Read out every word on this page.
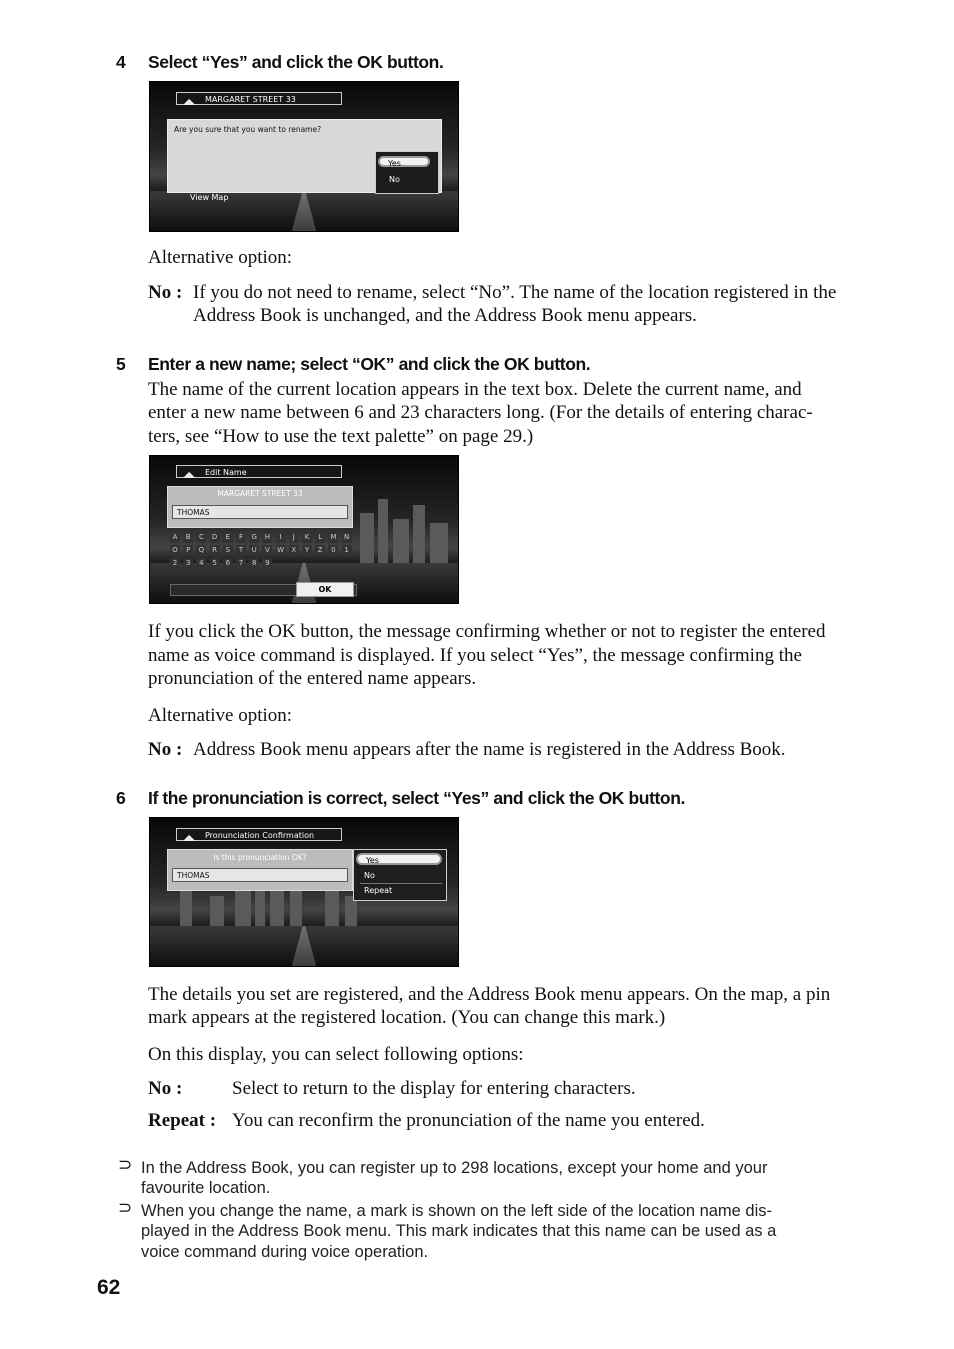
4 Select “Yes” and click the OK button.
◢◣ MARGARET STREET 33
Are you sure that you want to rename?
Yes
No
View Map
Alternative option:
No : If you do not need to rename, select “No”. The name of the location registered in the
Address Book is unchanged, and the Address Book menu appears.
5 Enter a new name; select “OK” and click the OK button.
The name of the current location appears in the text box. Delete the current name, and
enter a new name between 6 and 23 characters long. (For the details of entering charac-
ters, see “How to use the text palette” on page 29.)
◢◣ Edit Name
MARGARET STREET 33
THOMAS
A	B	C	D	E	F	G	H	I	J	K	L	M	N
O	P	Q	R	S	T	U	V	W	X	Y	Z	0	1
2	3	4	5	6	7	8	9
OK
If you click the OK button, the message confirming whether or not to register the entered
name as voice command is displayed. If you select “Yes”, the message confirming the
pronunciation of the entered name appears.
Alternative option:
No : Address Book menu appears after the name is registered in the Address Book.
6 If the pronunciation is correct, select “Yes” and click the OK button.
◢◣ Pronunciation Confirmation
Is this pronunciation OK?
THOMAS
Yes
No
Repeat
The details you set are registered, and the Address Book menu appears. On the map, a pin
mark appears at the registered location. (You can change this mark.)
On this display, you can select following options:
No :	Select to return to the display for entering characters.
Repeat : You can reconfirm the pronunciation of the name you entered.
⊃ In the Address Book, you can register up to 298 locations, except your home and your
favourite location.
⊃ When you change the name, a mark is shown on the left side of the location name dis-
played in the Address Book menu. This mark indicates that this name can be used as a
voice command during voice operation.
62
